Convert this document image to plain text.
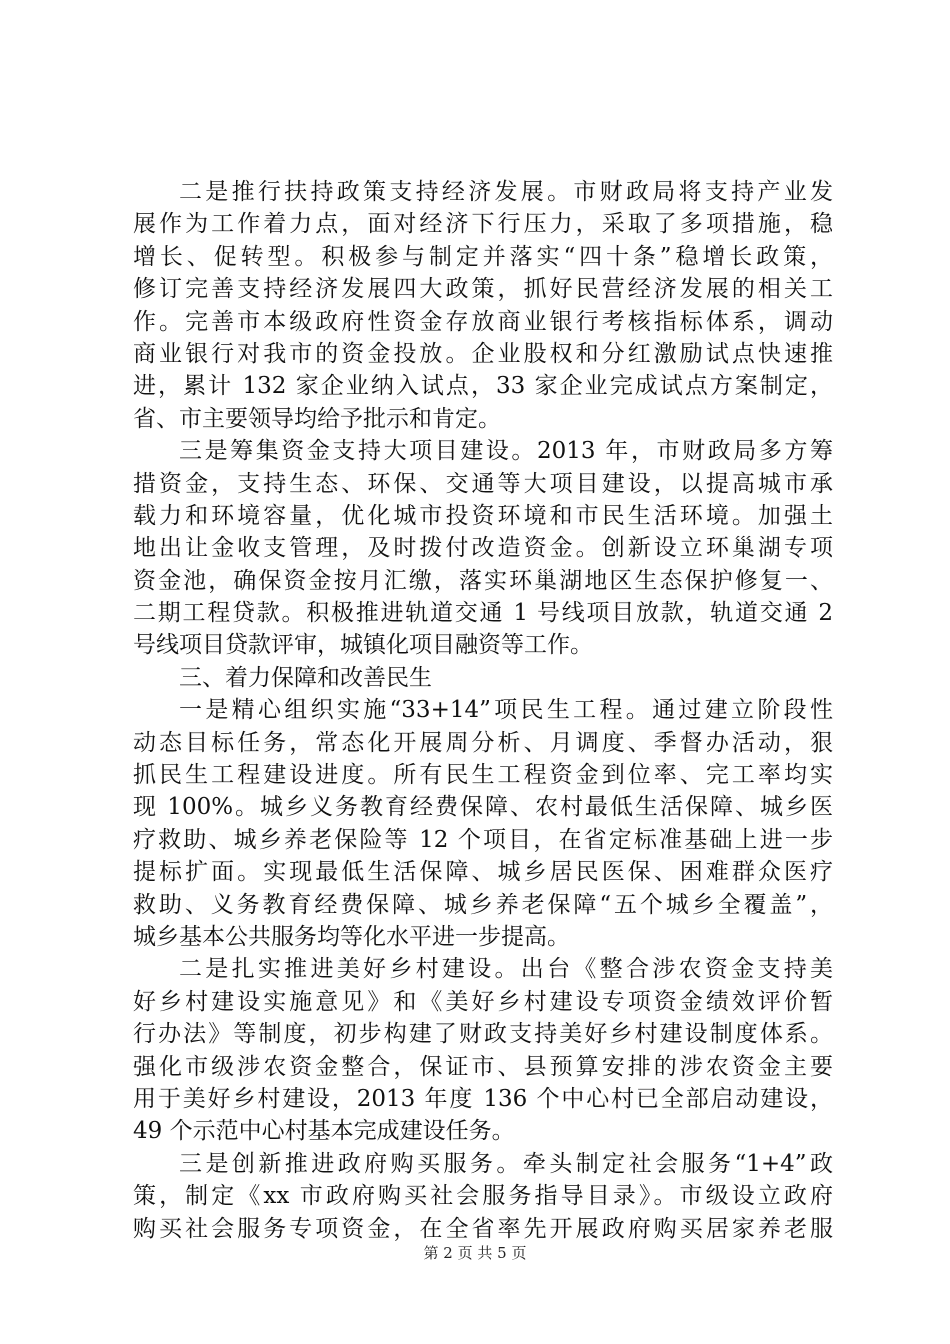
二是推行扶持政策支持经济发展。市财政局将支持产业发
展作为工作着力点，面对经济下行压力，采取了多项措施，稳
增长、促转型。积极参与制定并落实“四十条”稳增长政策，
修订完善支持经济发展四大政策，抓好民营经济发展的相关工
作。完善市本级政府性资金存放商业银行考核指标体系，调动
商业银行对我市的资金投放。企业股权和分红激励试点快速推
进，累计 132 家企业纳入试点，33 家企业完成试点方案制定，
省、市主要领导均给予批示和肯定。
三是筹集资金支持大项目建设。2013 年，市财政局多方筹
措资金，支持生态、环保、交通等大项目建设，以提高城市承
载力和环境容量，优化城市投资环境和市民生活环境。加强土
地出让金收支管理，及时拨付改造资金。创新设立环巢湖专项
资金池，确保资金按月汇缴，落实环巢湖地区生态保护修复一、
二期工程贷款。积极推进轨道交通 1 号线项目放款，轨道交通 2
号线项目贷款评审，城镇化项目融资等工作。
三、着力保障和改善民生
一是精心组织实施“33+14”项民生工程。通过建立阶段性
动态目标任务，常态化开展周分析、月调度、季督办活动，狠
抓民生工程建设进度。所有民生工程资金到位率、完工率均实
现 100%。城乡义务教育经费保障、农村最低生活保障、城乡医
疗救助、城乡养老保险等 12 个项目，在省定标准基础上进一步
提标扩面。实现最低生活保障、城乡居民医保、困难群众医疗
救助、义务教育经费保障、城乡养老保障“五个城乡全覆盖”，
城乡基本公共服务均等化水平进一步提高。
二是扎实推进美好乡村建设。出台《整合涉农资金支持美
好乡村建设实施意见》和《美好乡村建设专项资金绩效评价暂
行办法》等制度，初步构建了财政支持美好乡村建设制度体系。
强化市级涉农资金整合，保证市、县预算安排的涉农资金主要
用于美好乡村建设，2013 年度 136 个中心村已全部启动建设，
49 个示范中心村基本完成建设任务。
三是创新推进政府购买服务。牵头制定社会服务“1+4”政
策，制定《xx 市政府购买社会服务指导目录》。市级设立政府
购买社会服务专项资金，在全省率先开展政府购买居家养老服
第 2 页 共 5 页
